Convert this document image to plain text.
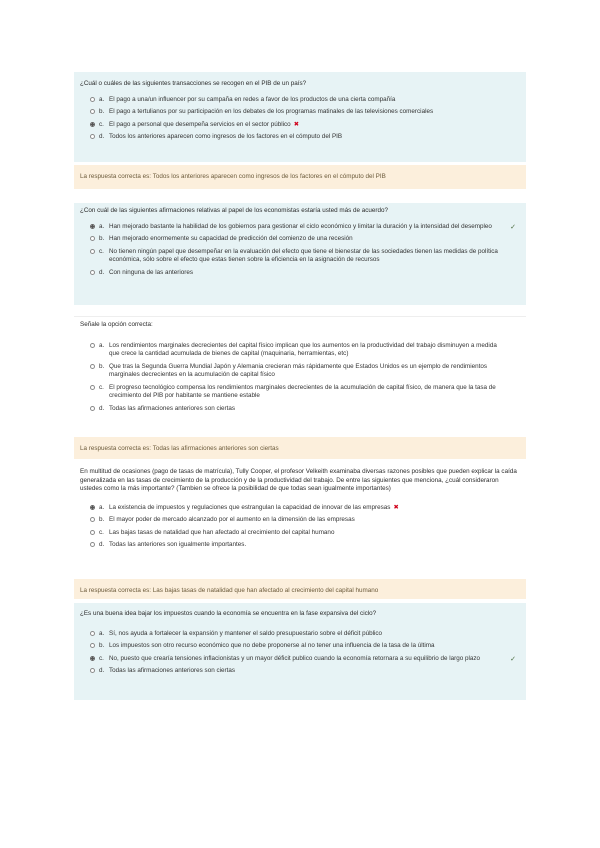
¿Cuál o cuáles de las siguientes transacciones se recogen en el PIB de un país?

a. El pago a una/un influencer por su campaña en redes a favor de los productos de una cierta compañía
b. El pago a tertulianos por su participación en los debates de los programas matinales de las televisiones comerciales
c. El pago a personal que desempeña servicios en el sector público ✖
d. Todos los anteriores aparecen como ingresos de los factores en el cómputo del PIB
La respuesta correcta es: Todos los anteriores aparecen como ingresos de los factores en el cómputo del PIB

¿Con cuál de las siguientes afirmaciones relativas al papel de los economistas estaría usted más de acuerdo?

a. Han mejorado bastante la habilidad de los gobiernos para gestionar el ciclo económico y limitar la duración y la intensidad del desempleo	✓
b. Han mejorado enormemente su capacidad de predicción del comienzo de una recesión
c. No tienen ningún papel que desempeñar en la evaluación del efecto que tiene el bienestar de las sociedades tienen las medidas de política económica, sólo sobre el efecto que estas tienen sobre la eficiencia en la asignación de recursos
d. Con ninguna de las anteriores

Señale la opción correcta:

a. Los rendimientos marginales decrecientes del capital físico implican que los aumentos en la productividad del trabajo disminuyen a medida que crece la cantidad acumulada de bienes de capital (maquinaria, herramientas, etc)
b. Que tras la Segunda Guerra Mundial Japón y Alemania crecieran más rápidamente que Estados Unidos es un ejemplo de rendimientos marginales decrecientes en la acumulación de capital físico
c. El progreso tecnológico compensa los rendimientos marginales decrecientes de la acumulación de capital físico, de manera que la tasa de crecimiento del PIB por habitante se mantiene estable
d. Todas las afirmaciones anteriores son ciertas
La respuesta correcta es: Todas las afirmaciones anteriores son ciertas

En multitud de ocasiones (pago de tasas de matrícula), Tully Cooper, el profesor Velkeith examinaba diversas razones posibles que pueden explicar la caída generalizada en las tasas de crecimiento de la producción y de la productividad del trabajo. De entre las siguientes que menciona, ¿cuál consideraron ustedes como la más importante? (Tambien se ofrece la posibilidad de que todas sean igualmente importantes)

a. La existencia de impuestos y regulaciones que estrangulan la capacidad de innovar de las empresas ✖
b. El mayor poder de mercado alcanzado por el aumento en la dimensión de las empresas
c. Las bajas tasas de natalidad que han afectado al crecimiento del capital humano
d. Todas las anteriores son igualmente importantes.
La respuesta correcta es: Las bajas tasas de natalidad que han afectado al crecimiento del capital humano

¿Es una buena idea bajar los impuestos cuando la economía se encuentra en la fase expansiva del ciclo?

a. Sí, nos ayuda a fortalecer la expansión y mantener el saldo presupuestario sobre el déficit público
b. Los impuestos son otro recurso económico que no debe proponerse al no tener una influencia de la tasa de la última
c. No, puesto que crearía tensiones inflacionistas y un mayor déficit publico cuando la economía retornara a su equilibrio de largo plazo	✓
d. Todas las afirmaciones anteriores son ciertas
